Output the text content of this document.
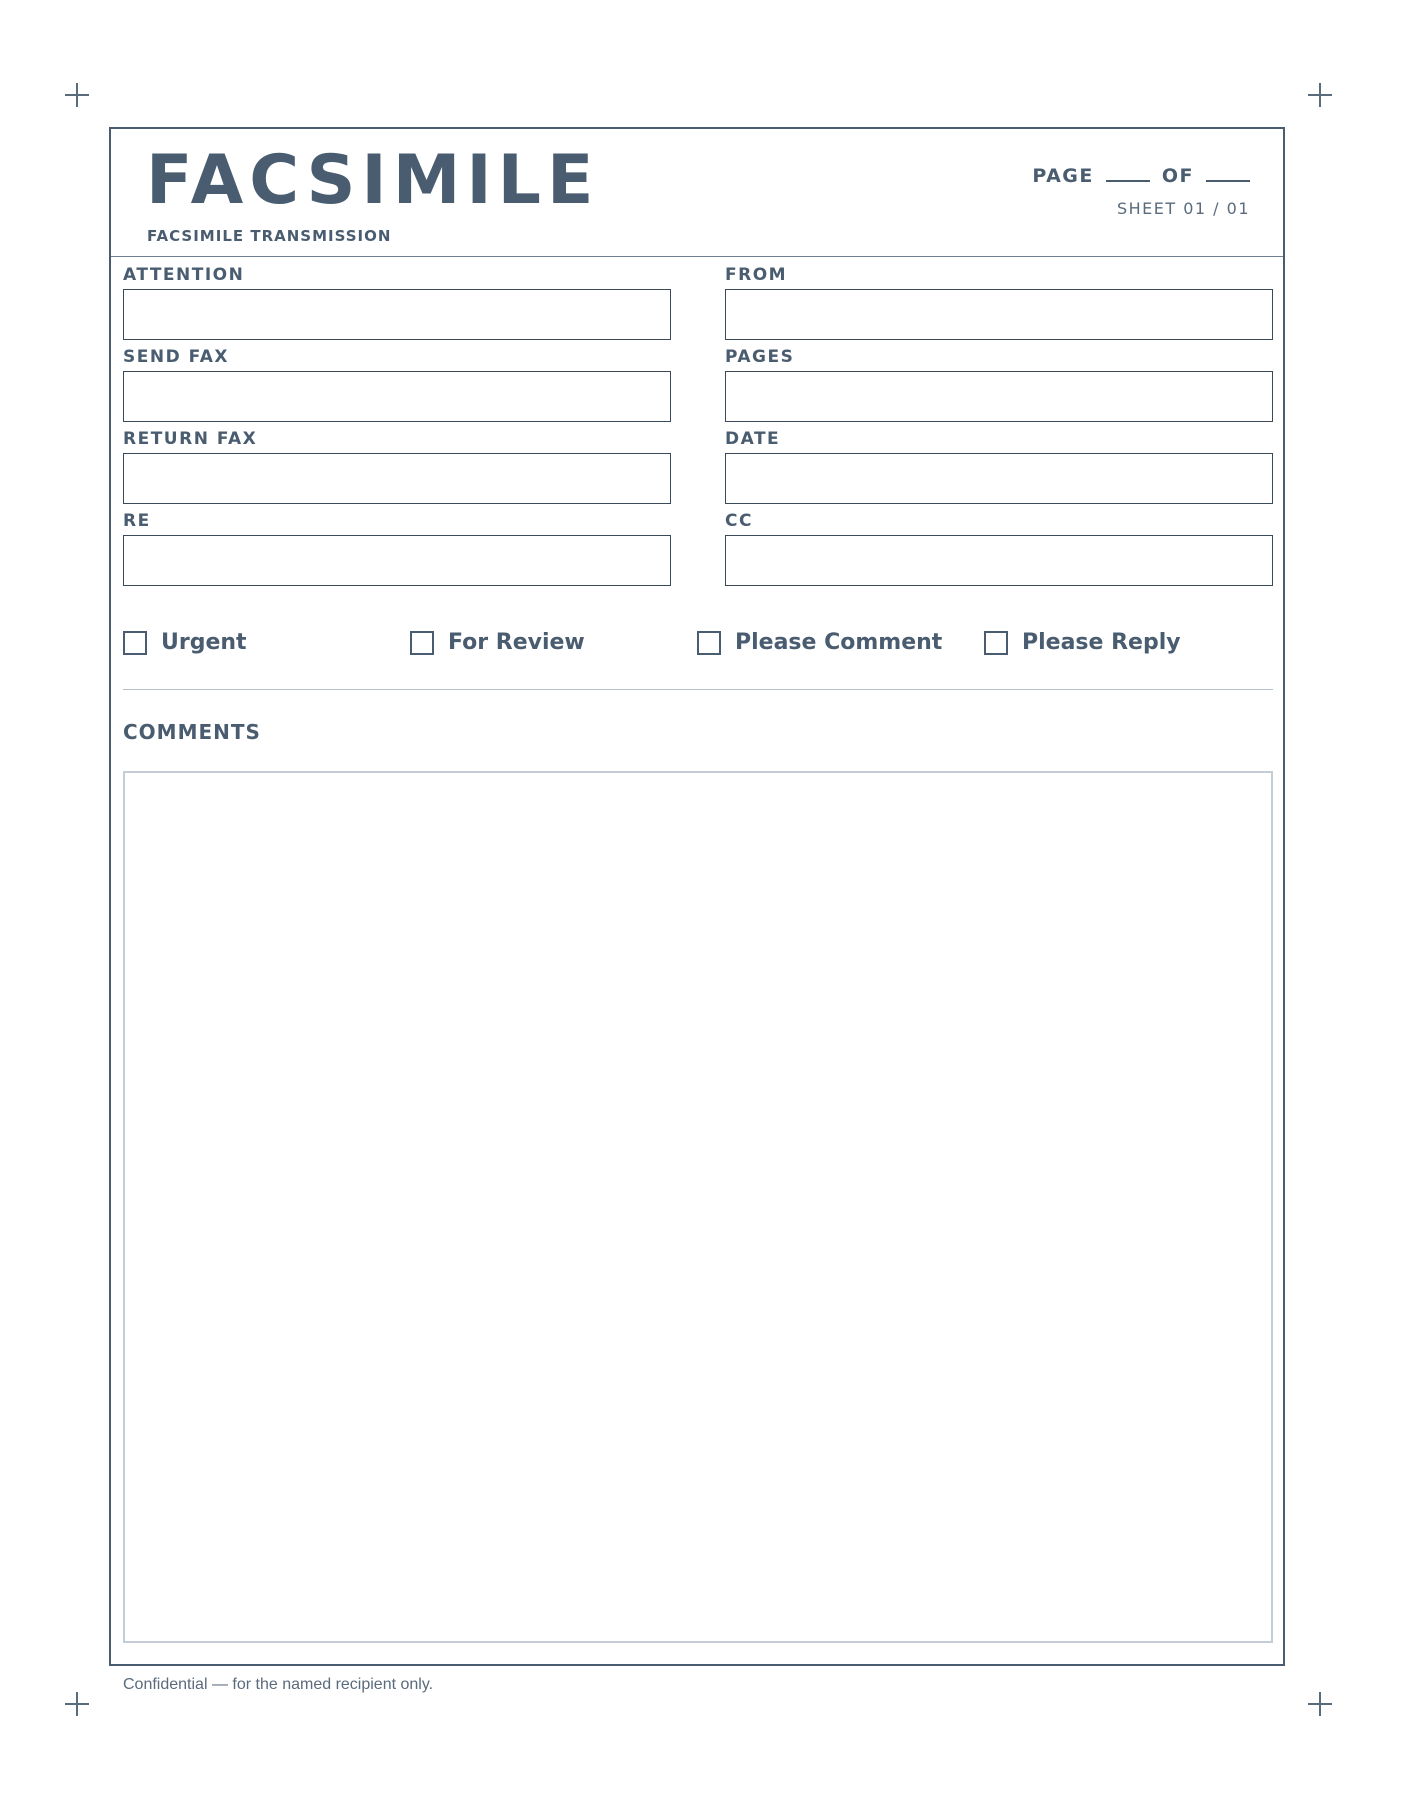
FACSIMILE
FACSIMILE TRANSMISSION
PAGE	OF
SHEET 01 / 01
ATTENTION	FROM
SEND FAX	PAGES
RETURN FAX	DATE
RE	CC
Urgent	For Review	Please Comment	Please Reply
COMMENTS
Confidential — for the named recipient only.
